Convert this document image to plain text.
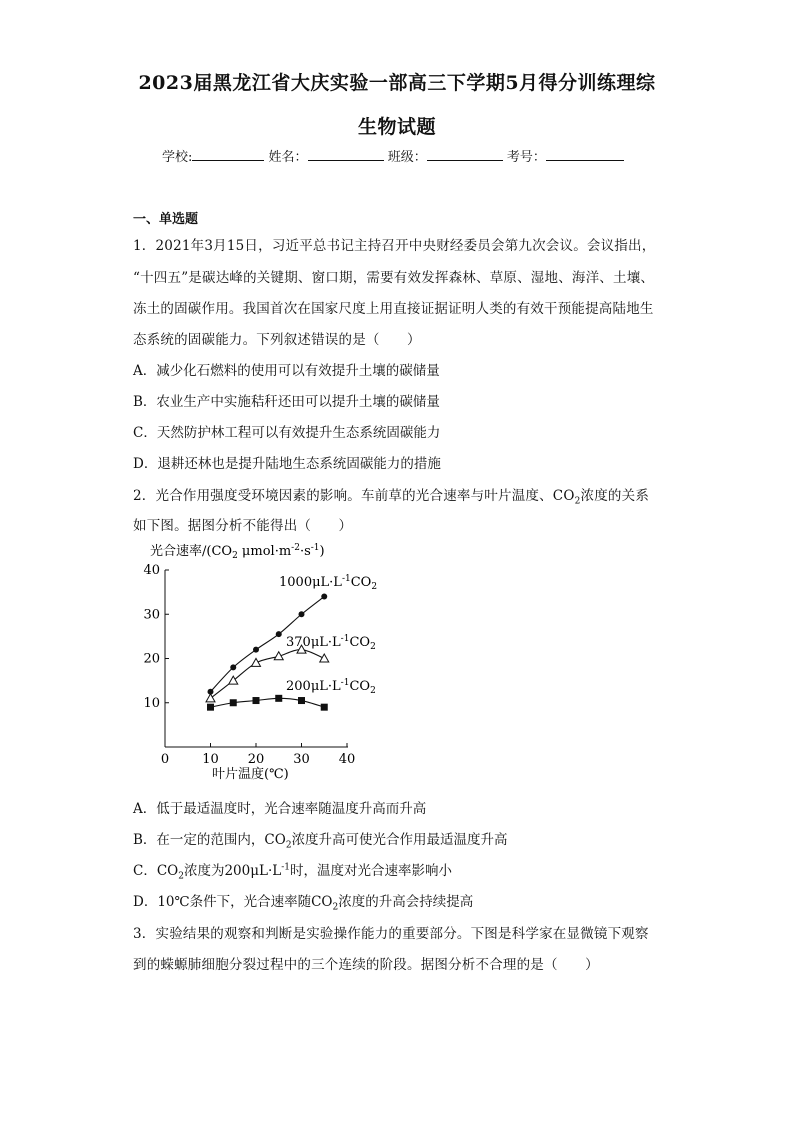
2023届黑龙江省大庆实验一部高三下学期5月得分训练理综
生物试题
学校:	姓名：	班级：	考号：
一、单选题
1．2021年3月15日，习近平总书记主持召开中央财经委员会第九次会议。会议指出，
“十四五”是碳达峰的关键期、窗口期，需要有效发挥森林、草原、湿地、海洋、土壤、
冻土的固碳作用。我国首次在国家尺度上用直接证据证明人类的有效干预能提高陆地生
态系统的固碳能力。下列叙述错误的是（　　）
A．减少化石燃料的使用可以有效提升土壤的碳储量
B．农业生产中实施秸秆还田可以提升土壤的碳储量
C．天然防护林工程可以有效提升生态系统固碳能力
D．退耕还林也是提升陆地生态系统固碳能力的措施
2．光合作用强度受环境因素的影响。车前草的光合速率与叶片温度、$CO_2$浓度的关系
如下图。据图分析不能得出（　　）
光合速率$/(CO_2$ $\mu mol\cdot m^{-2}\cdot s^{-1}$)
0	10 20 30 40
10
20
30
40
$1000\mu L\cdot L^{-1}CO_2$
$370\mu L\cdot L^{-1}CO_2$
$200\mu L\cdot L^{-1}CO_2$
叶片温度(℃)
A．低于最适温度时，光合速率随温度升高而升高
B．在一定的范围内，$CO_2$浓度升高可使光合作用最适温度升高
C．$CO_2$浓度为$200\mu L\cdot L^{-1}$时，温度对光合速率影响小
D．10℃条件下，光合速率随$CO_2$浓度的升高会持续提高
3．实验结果的观察和判断是实验操作能力的重要部分。下图是科学家在显微镜下观察
到的蝾螈肺细胞分裂过程中的三个连续的阶段。据图分析不合理的是（　　）
